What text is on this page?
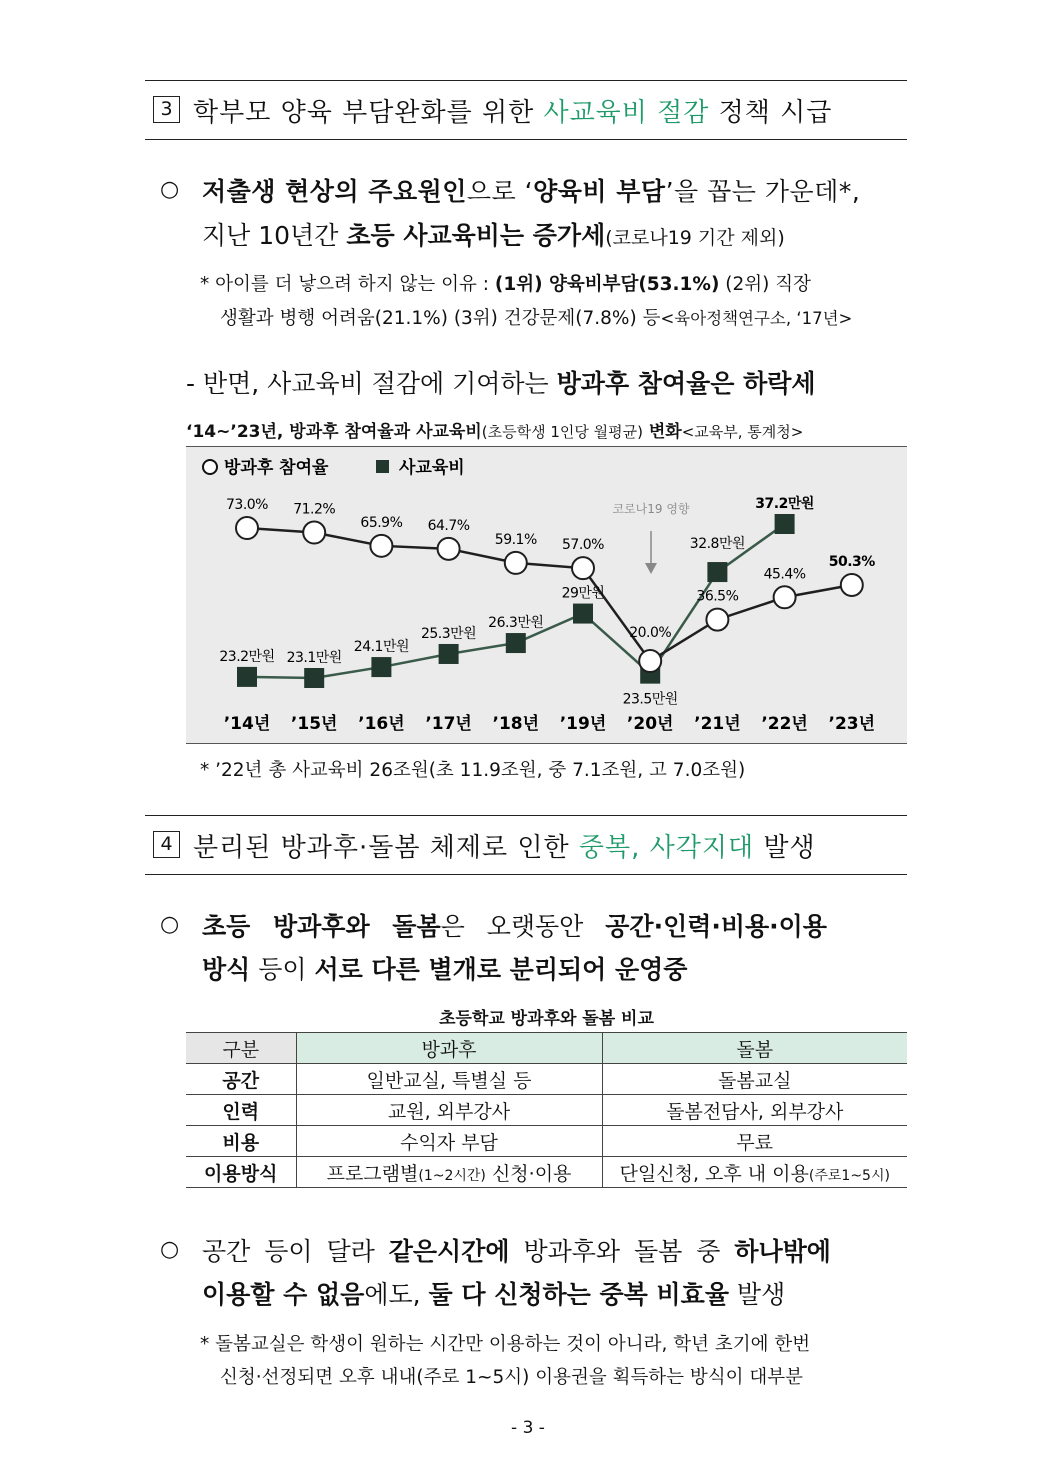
3 학부모 양육 부담완화를 위한 사교육비 절감 정책 시급
○ 저출생 현상의 주요원인으로 ‘양육비 부담’을 꼽는 가운데*,
지난 10년간 초등 사교육비는 증가세(코로나19 기간 제외)
* 아이를 더 낳으려 하지 않는 이유 : (1위) 양육비부담(53.1%) (2위) 직장
생활과 병행 어려움(21.1%) (3위) 건강문제(7.8%) 등<육아정책연구소, ‘17년>
- 반면, 사교육비 절감에 기여하는 방과후 참여율은 하락세
‘14~’23년, 방과후 참여율과 사교육비(초등학생 1인당 월평균) 변화<교육부, 통계청>
방과후 참여율	사교육비
코로나19 영향
73.0% 71.2%
65.9% 64.7%
59.1% 57.0%
20.0%
36.5%
45.4%
50.3%
23.2만원 23.1만원
24.1만원
25.3만원
26.3만원
29만원
23.5만원
32.8만원
37.2만원
’14년 ’15년 ’16년 ’17년 ’18년 ’19년 ’20년 ’21년 ’22년 ’23년
* ’22년 총 사교육비 26조원(초 11.9조원, 중 7.1조원, 고 7.0조원)
4 분리된 방과후·돌봄 체제로 인한 중복, 사각지대 발생
○ 초등 방과후와 돌봄은 오랫동안 공간·인력·비용·이용
방식 등이 서로 다른 별개로 분리되어 운영중
초등학교 방과후와 돌봄 비교
구분	방과후	돌봄
공간	일반교실, 특별실 등	돌봄교실
인력	교원, 외부강사	돌봄전담사, 외부강사
비용	수익자 부담	무료
이용방식	프로그램별(1~2시간) 신청·이용	단일신청, 오후 내 이용(주로1~5시)
○ 공간 등이 달라 같은시간에 방과후와 돌봄 중 하나밖에
이용할 수 없음에도, 둘 다 신청하는 중복 비효율 발생
* 돌봄교실은 학생이 원하는 시간만 이용하는 것이 아니라, 학년 초기에 한번
신청·선정되면 오후 내내(주로 1~5시) 이용권을 획득하는 방식이 대부분
- 3 -
